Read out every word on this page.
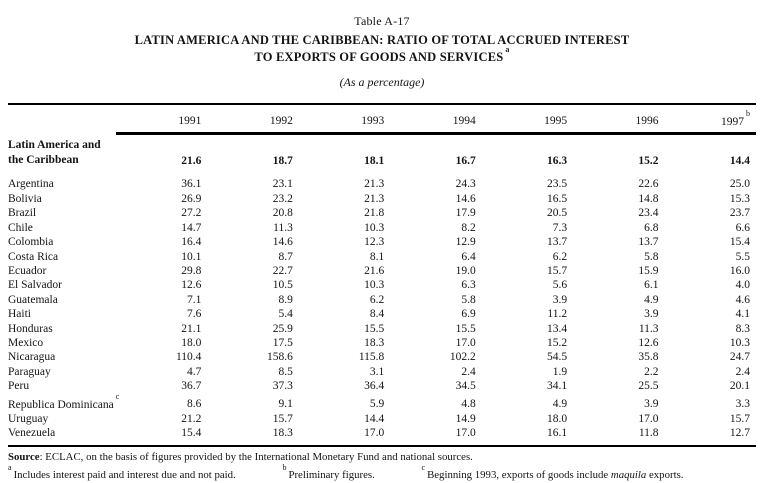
Table A-17
LATIN AMERICA AND THE CARIBBEAN: RATIO OF TOTAL ACCRUED INTEREST
TO EXPORTS OF GOODS AND SERVICES$^a$
(As a percentage)
	1991	1992	1993	1994	1995	1996	1997$^b$
Latin America and
the Caribbean	21.6	18.7	18.1	16.7	16.3	15.2	14.4
Argentina	36.1	23.1	21.3	24.3	23.5	22.6	25.0
Bolivia	26.9	23.2	21.3	14.6	16.5	14.8	15.3
Brazil	27.2	20.8	21.8	17.9	20.5	23.4	23.7
Chile	14.7	11.3	10.3	8.2	7.3	6.8	6.6
Colombia	16.4	14.6	12.3	12.9	13.7	13.7	15.4
Costa Rica	10.1	8.7	8.1	6.4	6.2	5.8	5.5
Ecuador	29.8	22.7	21.6	19.0	15.7	15.9	16.0
El Salvador	12.6	10.5	10.3	6.3	5.6	6.1	4.0
Guatemala	7.1	8.9	6.2	5.8	3.9	4.9	4.6
Haiti	7.6	5.4	8.4	6.9	11.2	3.9	4.1
Honduras	21.1	25.9	15.5	15.5	13.4	11.3	8.3
Mexico	18.0	17.5	18.3	17.0	15.2	12.6	10.3
Nicaragua	110.4	158.6	115.8	102.2	54.5	35.8	24.7
Paraguay	4.7	8.5	3.1	2.4	1.9	2.2	2.4
Peru	36.7	37.3	36.4	34.5	34.1	25.5	20.1
Republica Dominicana$^c$	8.6	9.1	5.9	4.8	4.9	3.9	3.3
Uruguay	21.2	15.7	14.4	14.9	18.0	17.0	15.7
Venezuela	15.4	18.3	17.0	17.0	16.1	11.8	12.7
Source: ECLAC, on the basis of figures provided by the International Monetary Fund and national sources.
$^a$Includes interest paid and interest due and not paid. $^b$Preliminary figures. $^c$Beginning 1993, exports of goods include maquila exports.
